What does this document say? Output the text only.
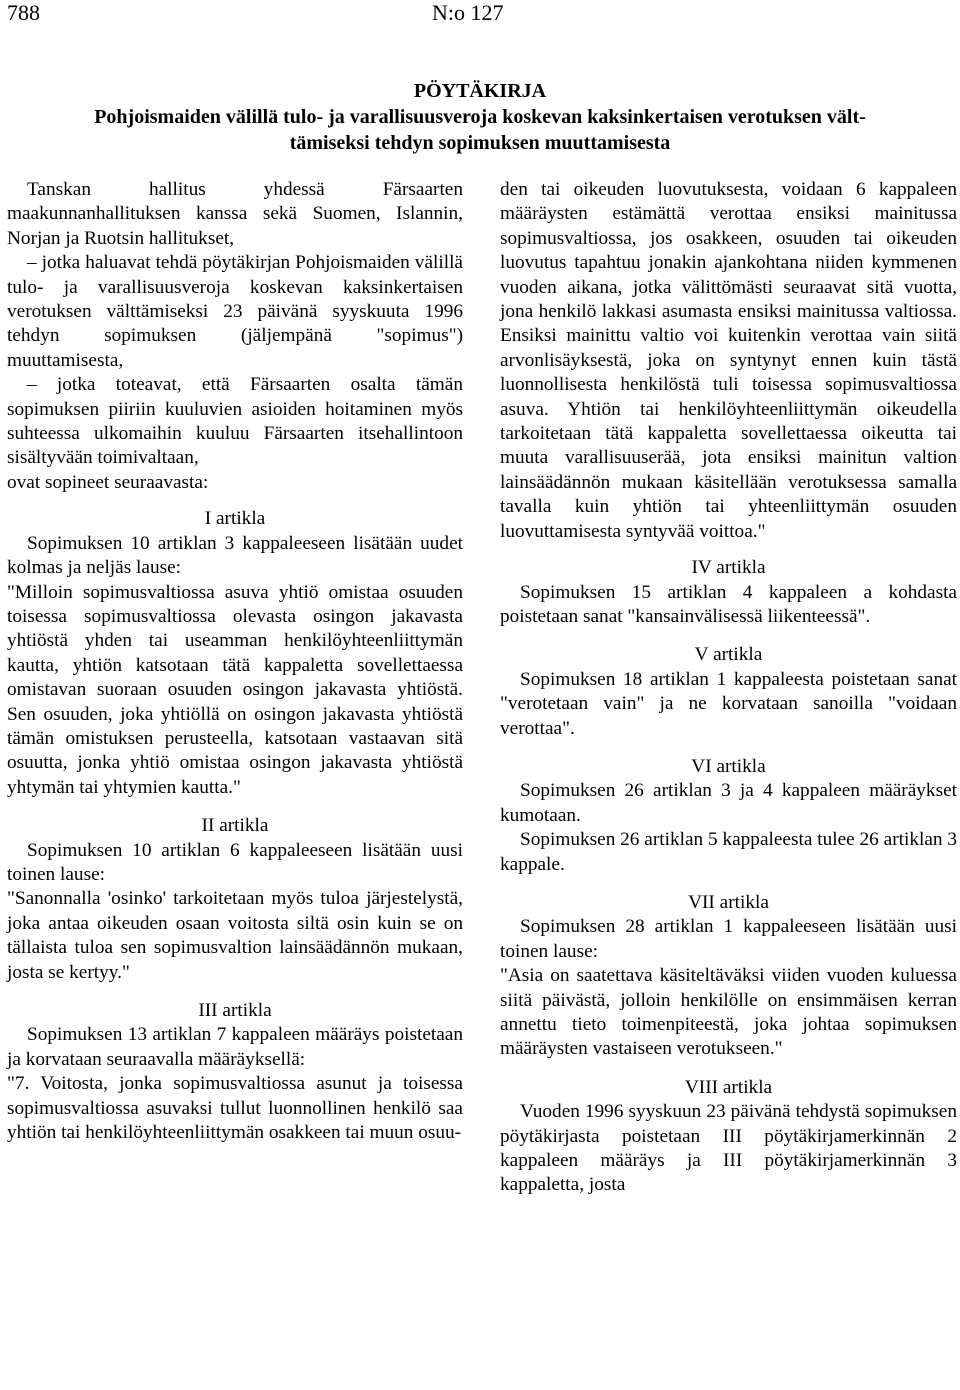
788	N:o 127
PÖYTÄKIRJA
Pohjoismaiden välillä tulo- ja varallisuusveroja koskevan kaksinkertaisen verotuksen vält-
tämiseksi tehdyn sopimuksen muuttamisesta

Tanskan hallitus yhdessä Färsaarten maakunnanhallituksen kanssa sekä Suomen, Islannin, Norjan ja Ruotsin hallitukset,

– jotka haluavat tehdä pöytäkirjan Pohjoismaiden välillä tulo- ja varallisuusveroja koskevan kaksinkertaisen verotuksen välttämiseksi 23 päivänä syyskuuta 1996 tehdyn sopimuksen (jäljempänä "sopimus") muuttamisesta,

– jotka toteavat, että Färsaarten osalta tämän sopimuksen piiriin kuuluvien asioiden hoitaminen myös suhteessa ulkomaihin kuuluu Färsaarten itsehallintoon sisältyvään toimivaltaan,

ovat sopineet seuraavasta:

I artikla

Sopimuksen 10 artiklan 3 kappaleeseen lisätään uudet kolmas ja neljäs lause:

"Milloin sopimusvaltiossa asuva yhtiö omistaa osuuden toisessa sopimusvaltiossa olevasta osingon jakavasta yhtiöstä yhden tai useamman henkilöyhteenliittymän kautta, yhtiön katsotaan tätä kappaletta sovellettaessa omistavan suoraan osuuden osingon jakavasta yhtiöstä. Sen osuuden, joka yhtiöllä on osingon jakavasta yhtiöstä tämän omistuksen perusteella, katsotaan vastaavan sitä osuutta, jonka yhtiö omistaa osingon jakavasta yhtiöstä yhtymän tai yhtymien kautta."

II artikla

Sopimuksen 10 artiklan 6 kappaleeseen lisätään uusi toinen lause:

"Sanonnalla 'osinko' tarkoitetaan myös tuloa järjestelystä, joka antaa oikeuden osaan voitosta siltä osin kuin se on tällaista tuloa sen sopimusvaltion lainsäädännön mukaan, josta se kertyy."

III artikla

Sopimuksen 13 artiklan 7 kappaleen määräys poistetaan ja korvataan seuraavalla määräyksellä:

"7. Voitosta, jonka sopimusvaltiossa asunut ja toisessa sopimusvaltiossa asuvaksi tullut luonnollinen henkilö saa yhtiön tai henkilöyhteenliittymän osakkeen tai muun osuu-

den tai oikeuden luovutuksesta, voidaan 6 kappaleen määräysten estämättä verottaa ensiksi mainitussa sopimusvaltiossa, jos osakkeen, osuuden tai oikeuden luovutus tapahtuu jonakin ajankohtana niiden kymmenen vuoden aikana, jotka välittömästi seuraavat sitä vuotta, jona henkilö lakkasi asumasta ensiksi mainitussa valtiossa. Ensiksi mainittu valtio voi kuitenkin verottaa vain siitä arvonlisäyksestä, joka on syntynyt ennen kuin tästä luonnollisesta henkilöstä tuli toisessa sopimusvaltiossa asuva. Yhtiön tai henkilöyhteenliittymän oikeudella tarkoitetaan tätä kappaletta sovellettaessa oikeutta tai muuta varallisuuserää, jota ensiksi mainitun valtion lainsäädännön mukaan käsitellään verotuksessa samalla tavalla kuin yhtiön tai yhteenliittymän osuuden luovuttamisesta syntyvää voittoa."

IV artikla

Sopimuksen 15 artiklan 4 kappaleen a kohdasta poistetaan sanat "kansainvälisessä liikenteessä".

V artikla

Sopimuksen 18 artiklan 1 kappaleesta poistetaan sanat "verotetaan vain" ja ne korvataan sanoilla "voidaan verottaa".

VI artikla

Sopimuksen 26 artiklan 3 ja 4 kappaleen määräykset kumotaan.

Sopimuksen 26 artiklan 5 kappaleesta tulee 26 artiklan 3 kappale.

VII artikla

Sopimuksen 28 artiklan 1 kappaleeseen lisätään uusi toinen lause:

"Asia on saatettava käsiteltäväksi viiden vuoden kuluessa siitä päivästä, jolloin henkilölle on ensimmäisen kerran annettu tieto toimenpiteestä, joka johtaa sopimuksen määräysten vastaiseen verotukseen."

VIII artikla

Vuoden 1996 syyskuun 23 päivänä tehdystä sopimuksen pöytäkirjasta poistetaan III pöytäkirjamerkinnän 2 kappaleen määräys ja III pöytäkirjamerkinnän 3 kappaletta, josta
